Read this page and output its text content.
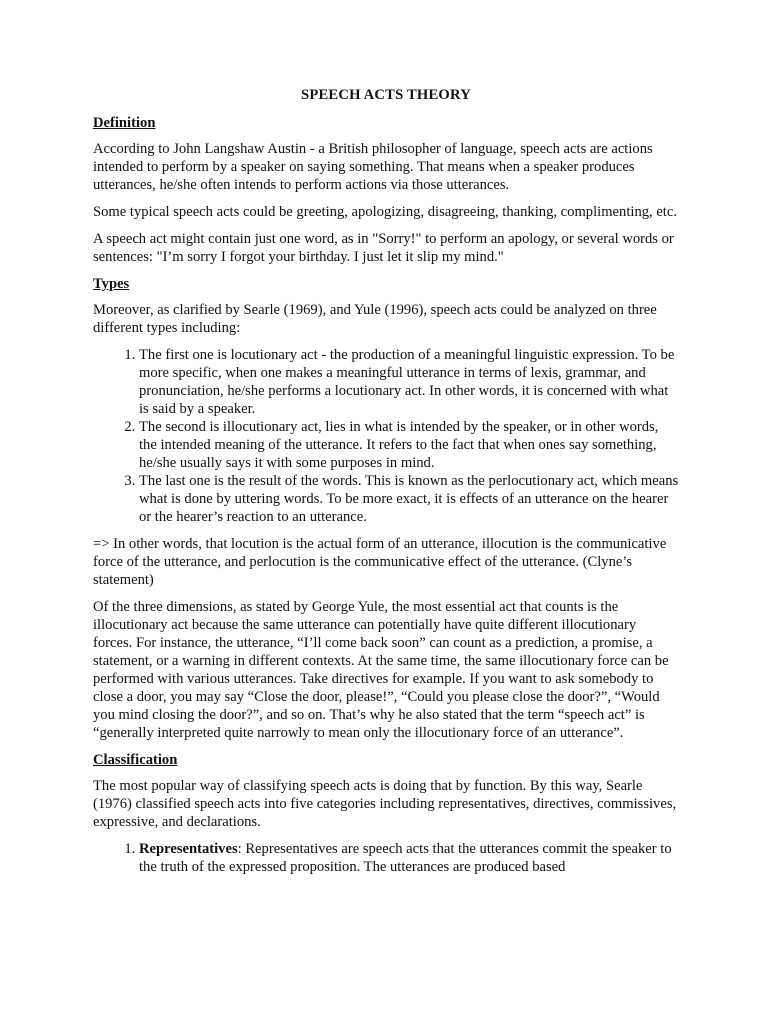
SPEECH ACTS THEORY
Definition

According to John Langshaw Austin - a British philosopher of language, speech acts are actions intended to perform by a speaker on saying something. That means when a speaker produces utterances, he/she often intends to perform actions via those utterances.

Some typical speech acts could be greeting, apologizing, disagreeing, thanking, complimenting, etc.

A speech act might contain just one word, as in "Sorry!" to perform an apology, or several words or sentences: "I’m sorry I forgot your birthday. I just let it slip my mind."

Types

Moreover, as clarified by Searle (1969), and Yule (1996), speech acts could be analyzed on three different types including:

1. The first one is locutionary act - the production of a meaningful linguistic expression. To be more specific, when one makes a meaningful utterance in terms of lexis, grammar, and pronunciation, he/she performs a locutionary act. In other words, it is concerned with what is said by a speaker.
2. The second is illocutionary act, lies in what is intended by the speaker, or in other words, the intended meaning of the utterance. It refers to the fact that when ones say something, he/she usually says it with some purposes in mind.
3. The last one is the result of the words. This is known as the perlocutionary act, which means what is done by uttering words. To be more exact, it is effects of an utterance on the hearer or the hearer’s reaction to an utterance.

=> In other words, that locution is the actual form of an utterance, illocution is the communicative force of the utterance, and perlocution is the communicative effect of the utterance. (Clyne’s statement)

Of the three dimensions, as stated by George Yule, the most essential act that counts is the illocutionary act because the same utterance can potentially have quite different illocutionary forces. For instance, the utterance, “I’ll come back soon” can count as a prediction, a promise, a statement, or a warning in different contexts. At the same time, the same illocutionary force can be performed with various utterances. Take directives for example. If you want to ask somebody to close a door, you may say “Close the door, please!”, “Could you please close the door?”, “Would you mind closing the door?”, and so on. That’s why he also stated that the term “speech act” is “generally interpreted quite narrowly to mean only the illocutionary force of an utterance”.

Classification

The most popular way of classifying speech acts is doing that by function. By this way, Searle (1976) classified speech acts into five categories including representatives, directives, commissives, expressive, and declarations.

1. Representatives: Representatives are speech acts that the utterances commit the speaker to the truth of the expressed proposition. The utterances are produced based
